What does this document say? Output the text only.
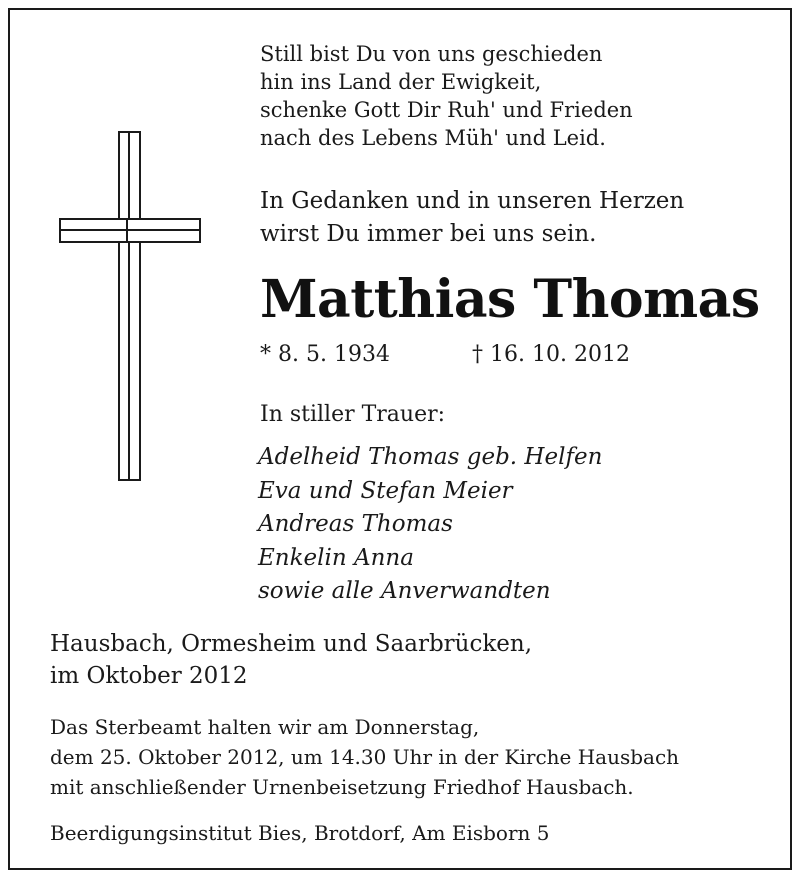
Still bist Du von uns geschieden
hin ins Land der Ewigkeit,
schenke Gott Dir Ruh' und Frieden
nach des Lebens Müh' und Leid.
In Gedanken und in unseren Herzen
wirst Du immer bei uns sein.
Matthias Thomas
* 8. 5. 1934	† 16. 10. 2012
In stiller Trauer:
Adelheid Thomas geb. Helfen
Eva und Stefan Meier
Andreas Thomas
Enkelin Anna
sowie alle Anverwandten
Hausbach, Ormesheim und Saarbrücken,
im Oktober 2012
Das Sterbeamt halten wir am Donnerstag,
dem 25. Oktober 2012, um 14.30 Uhr in der Kirche Hausbach
mit anschließender Urnenbeisetzung Friedhof Hausbach.
Beerdigungsinstitut Bies, Brotdorf, Am Eisborn 5
